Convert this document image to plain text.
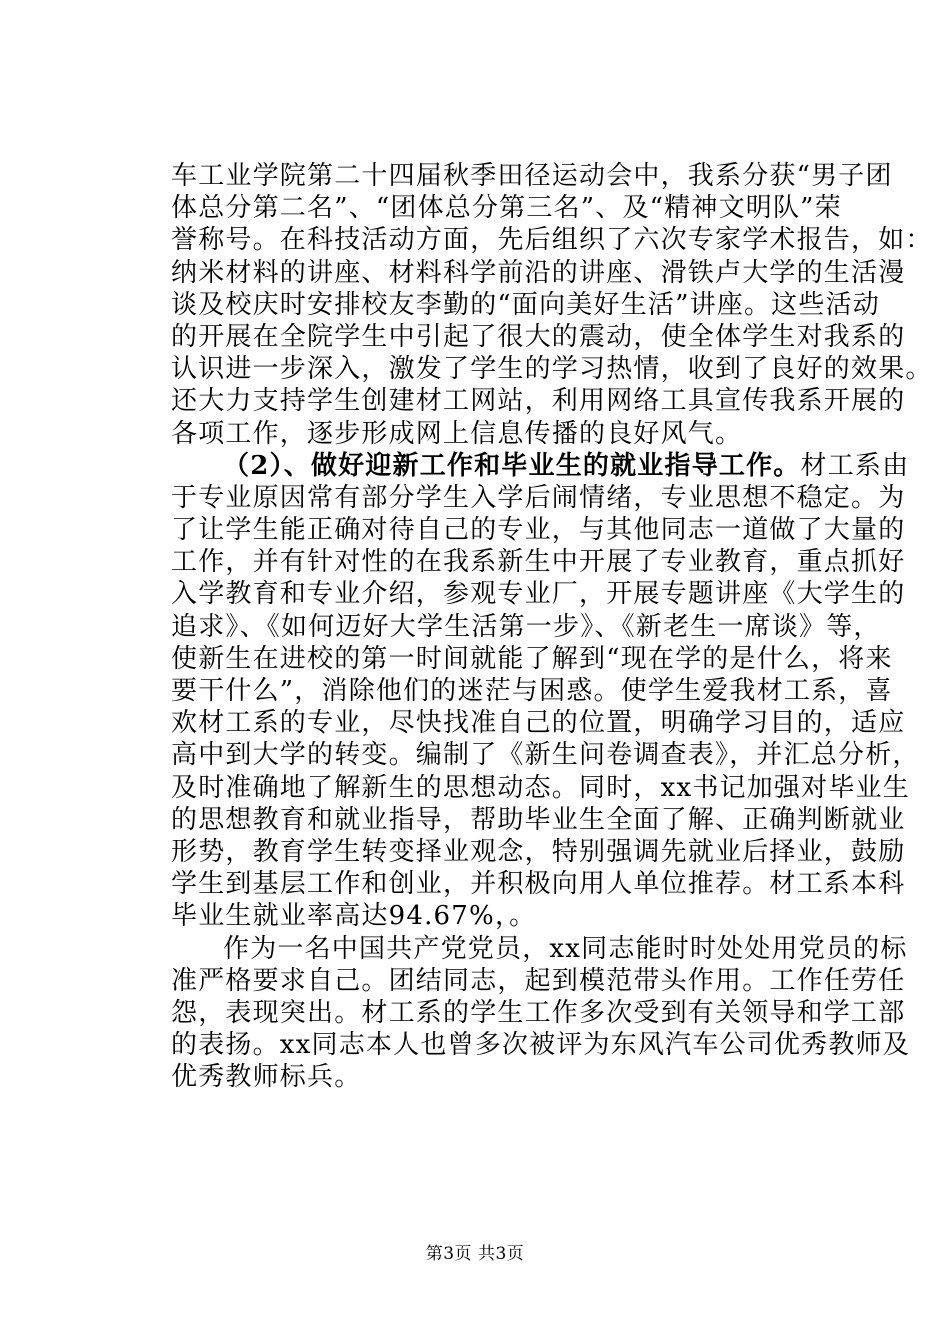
车工业学院第二十四届秋季田径运动会中，我系分获“男子团
体总分第二名”、“团体总分第三名”、及“精神文明队”荣
誉称号。在科技活动方面，先后组织了六次专家学术报告，如：
纳米材料的讲座、材料科学前沿的讲座、滑铁卢大学的生活漫
谈及校庆时安排校友李勤的“面向美好生活”讲座。这些活动
的开展在全院学生中引起了很大的震动，使全体学生对我系的
认识进一步深入，激发了学生的学习热情，收到了良好的效果。
还大力支持学生创建材工网站，利用网络工具宣传我系开展的
各项工作，逐步形成网上信息传播的良好风气。
（2）、做好迎新工作和毕业生的就业指导工作。材工系由
于专业原因常有部分学生入学后闹情绪，专业思想不稳定。为
了让学生能正确对待自己的专业，与其他同志一道做了大量的
工作，并有针对性的在我系新生中开展了专业教育，重点抓好
入学教育和专业介绍，参观专业厂，开展专题讲座《大学生的
追求》、《如何迈好大学生活第一步》、《新老生一席谈》等，
使新生在进校的第一时间就能了解到“现在学的是什么，将来
要干什么”，消除他们的迷茫与困惑。使学生爱我材工系，喜
欢材工系的专业，尽快找准自己的位置，明确学习目的，适应
高中到大学的转变。编制了《新生问卷调查表》，并汇总分析，
及时准确地了解新生的思想动态。同时，xx书记加强对毕业生
的思想教育和就业指导，帮助毕业生全面了解、正确判断就业
形势，教育学生转变择业观念，特别强调先就业后择业，鼓励
学生到基层工作和创业，并积极向用人单位推荐。材工系本科
毕业生就业率高达94.67%，。
作为一名中国共产党党员，xx同志能时时处处用党员的标
准严格要求自己。团结同志，起到模范带头作用。工作任劳任
怨，表现突出。材工系的学生工作多次受到有关领导和学工部
的表扬。xx同志本人也曾多次被评为东风汽车公司优秀教师及
优秀教师标兵。
第3页 共3页
